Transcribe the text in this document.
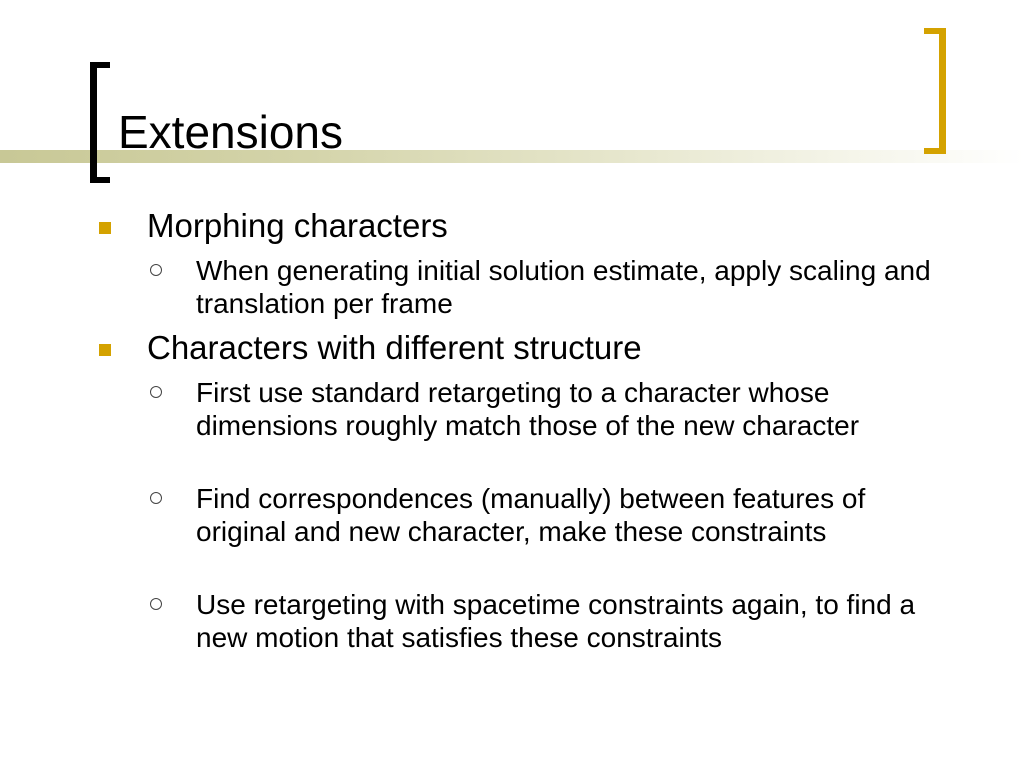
Extensions
Morphing characters
When generating initial solution estimate, apply scaling and translation per frame
Characters with different structure
First use standard retargeting to a character whose dimensions roughly match those of the new character
Find correspondences (manually) between features of original and new character, make these constraints
Use retargeting with spacetime constraints again, to find a new motion that satisfies these constraints
